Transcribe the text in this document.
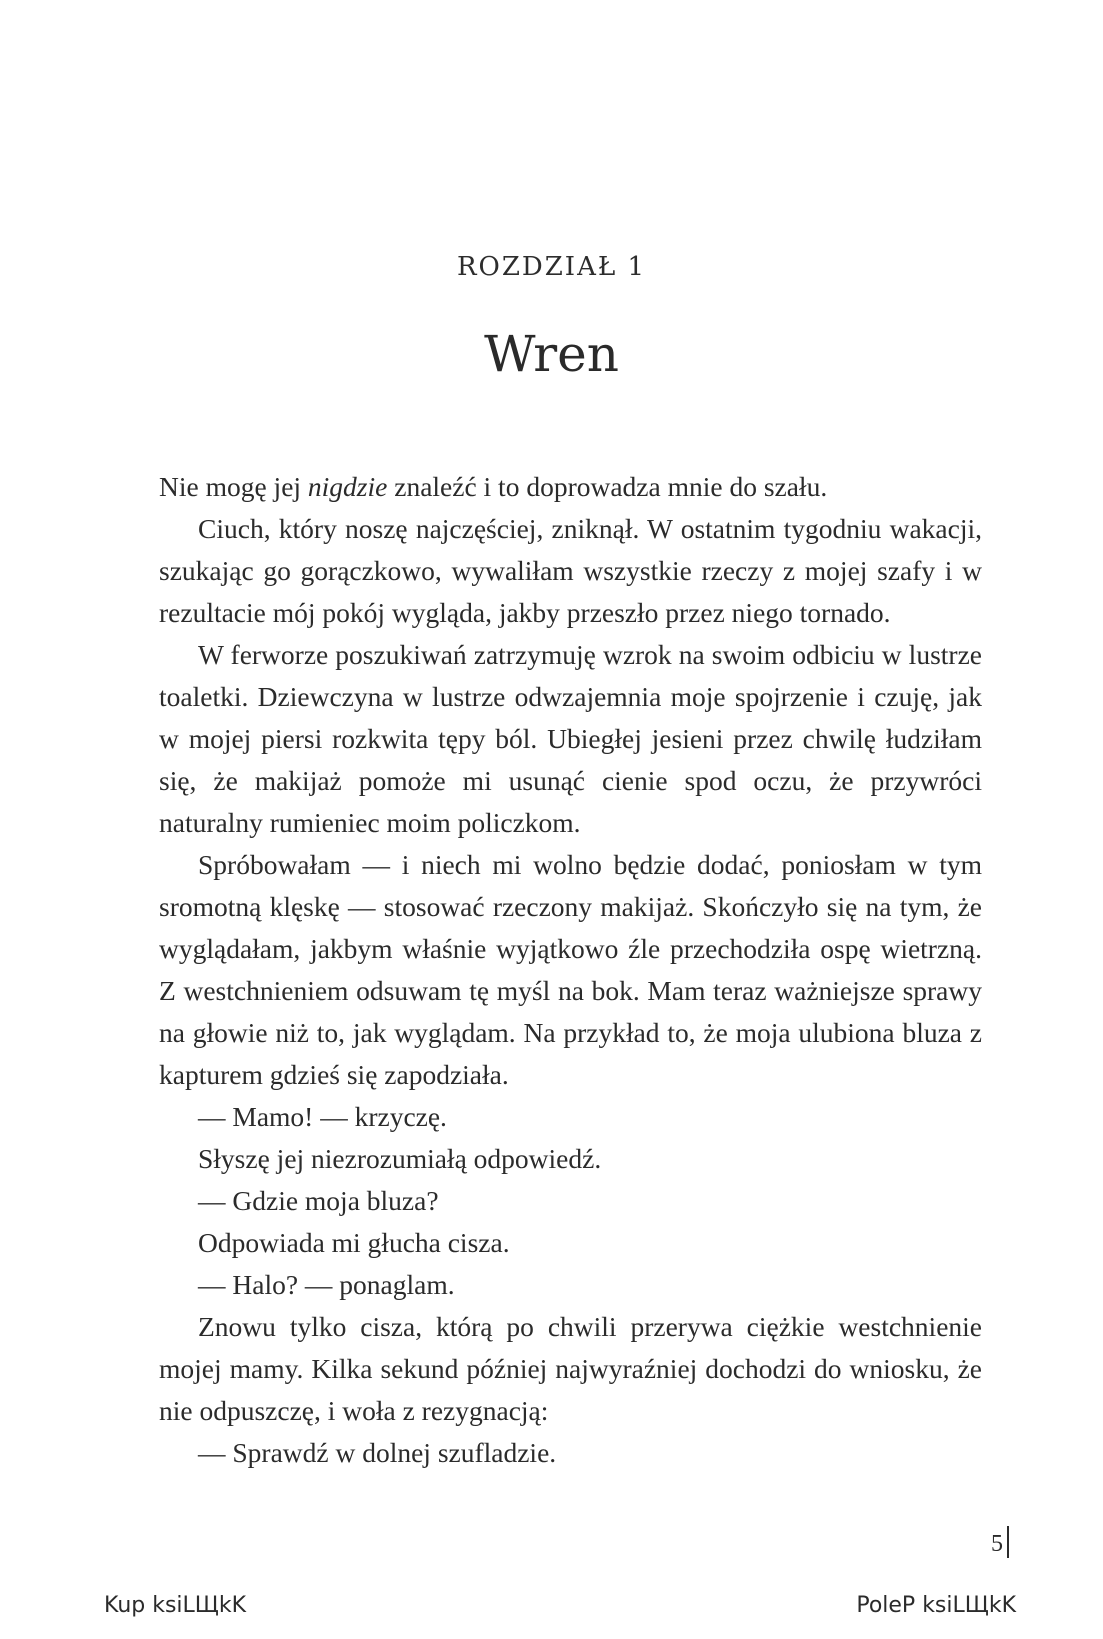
ROZDZIAŁ 1
Wren

Nie mogę jej nigdzie znaleźć i to doprowadza mnie do szału.

Ciuch, który noszę najczęściej, zniknął. W ostatnim tygodniu wakacji, szukając go gorączkowo, wywaliłam wszystkie rzeczy z mojej szafy i w rezultacie mój pokój wygląda, jakby przeszło przez niego tornado.

W ferworze poszukiwań zatrzymuję wzrok na swoim odbiciu w lustrze toaletki. Dziewczyna w lustrze odwzajemnia moje spojrzenie i czuję, jak w mojej piersi rozkwita tępy ból. Ubiegłej jesieni przez chwilę łudziłam się, że makijaż pomoże mi usunąć cienie spod oczu, że przywróci naturalny rumieniec moim policzkom.

Spróbowałam — i niech mi wolno będzie dodać, poniosłam w tym sromotną klęskę — stosować rzeczony makijaż. Skończyło się na tym, że wyglądałam, jakbym właśnie wyjątkowo źle przechodziła ospę wietrzną. Z westchnieniem odsuwam tę myśl na bok. Mam teraz ważniejsze sprawy na głowie niż to, jak wyglądam. Na przykład to, że moja ulubiona bluza z kapturem gdzieś się zapodziała.

— Mamo! — krzyczę.

Słyszę jej niezrozumiałą odpowiedź.

— Gdzie moja bluza?

Odpowiada mi głucha cisza.

— Halo? — ponaglam.

Znowu tylko cisza, którą po chwili przerywa ciężkie westchnienie mojej mamy. Kilka sekund później najwyraźniej dochodzi do wniosku, że nie odpuszczę, i woła z rezygnacją:

— Sprawdź w dolnej szufladzie.

5
Kup ksiLЩkK	PoleP ksiLЩkK
